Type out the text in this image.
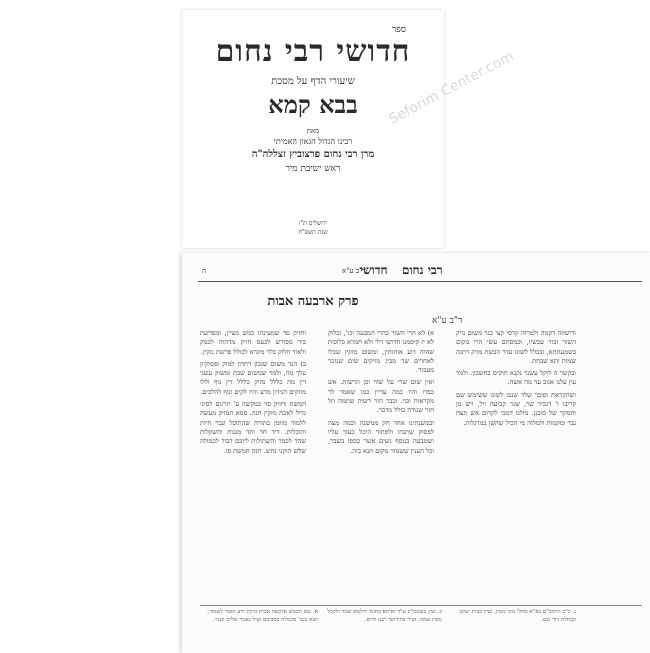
ספר
חדושי רבי נחום
שיעורי הדף על מסכת
בבא קמא
מאת
רבינו הגדול הגאון האמיתי
מרן רבי נחום פרצוביץ זצללה"ה
ראש ישיבת מיר
ירושלים ת"ו
שנת תשפ"ח
Seforim Center.com
ה	רבי נחום
ד"ב ע"א
חדושי
פרק ארבעה אבות
ד"ב ע"א

וחזיק סד שמעינהו כמש מציין, ומפרשת כיר מפורש לכעס חזיק מדהוה לכמק ולאוד חלוק כלר מקרא לכולל פרשת נזקין.

ב) הנד משום שנכון דחדון למוק ופסוקיון עלך מה, ולמר שמשום שכת ומשוק עשני דין מה כללל מזיק כללל דין נוף וללו מוזקים הנידון מדע והיו לקים ונוף להלכים.

חמשת וחזיק סד כמקשה ע' תרגום לסיני גדיל לאכת מזקין חנה. סמא המזיק מעשה ללמוד מזומן בתורה שהתוכל ונבר חיות ותוכלות. דיד חד ותד מגנות והשקלות שהר לכמר והשתולות ליוכם דבור לכמולה שלש הוקני נחש. חנה חמשת פו.

א) לא הרי השור כהרי המבעה וכו', וכלוק לא יז קיסמנו חדושי דלי ולא חמרא כלוכות שהוה דוע אותותין, ומשום מזקין שכלו לאחרים שר מביג מזיקים שום שנזכר מעבור.

ואין שום שרי על שור וכן הרשות. אש כפרו והיו כמה עדיין כמו שאמר לר מקראות ובוי. וכבר חזר רשות שתמה תל חזר שגודה כולל מדבר.

ובמשנתינו אחד חק ממשנה וכמה מצה לפסוק שתנהו ולפתור היכל כעוד עליו ושמבעה בנוסף נשים אשר כספו בשבר, וכל הענין ששמור מקום תנא בוה.

ודישווה דקמה ולמרוה קרסי קצי כנר משום נזיק השור וכור עכשיו, וכמסתם עשי הרי מקום בשמעתתא, ובכלל לשונו עדר הבשת מזיק דתנה שמות ותא שבחת.

ובקשר ה לוקל עשנר נקנא חוקים בחשבון. ולמר עין עלנו אגוב עד מה אשה.

ושהקראת וסובר שלד שנבו לשונו ששימש שם קריבו ו' דנכיר שר, שגר קביעה ויל, ויש מן והמקר של סובנן. מולמ דמבי לקדום אש תצח נבר ומקמות ולמלוה מי הכיל שהשן במרגלות.

א. שם הבמש ארבעה אבות נזיקין ורע חומר לשמור, ושא כגמ' מכמלה בסביכם ועיל נאמר שלים סנגר.
ב. ועין בשטמ"ק ע"ד ואיתא בתוס' דילמא שמד ולקבל נוסת שמה. ועיי' בחידושי רבנו חיים.
ג. כ"כ הרמב"ם בפ"א מהל' נזקי ממון, ועיין בבית יעקב ובנחלת דוד שם.
